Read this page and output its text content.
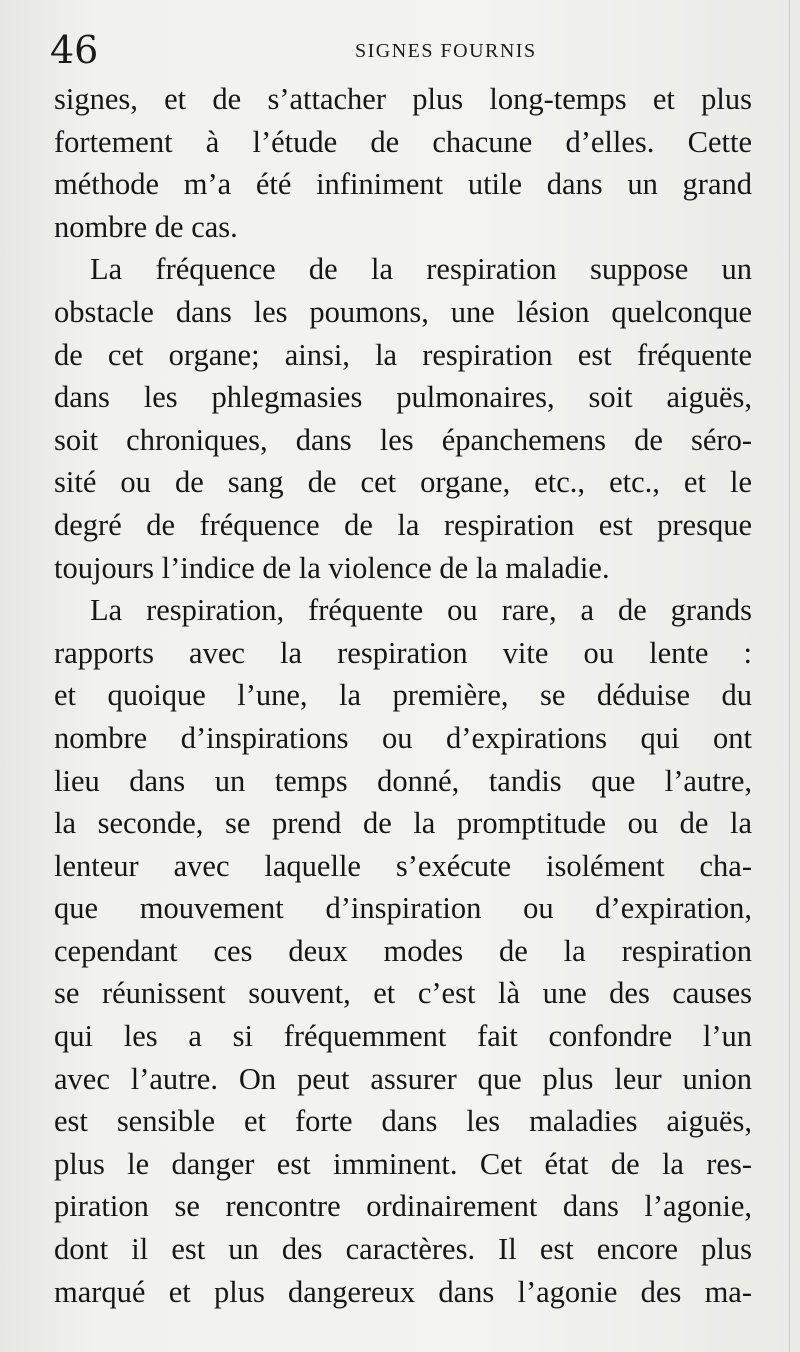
46	SIGNES FOURNIS
signes, et de s’attacher plus long-temps et plus
fortement à l’étude de chacune d’elles. Cette
méthode m’a été infiniment utile dans un grand
nombre de cas.
La fréquence de la respiration suppose un
obstacle dans les poumons, une lésion quelconque
de cet organe; ainsi, la respiration est fréquente
dans les phlegmasies pulmonaires, soit aiguës,
soit chroniques, dans les épanchemens de séro-
sité ou de sang de cet organe, etc., etc., et le
degré de fréquence de la respiration est presque
toujours l’indice de la violence de la maladie.
La respiration, fréquente ou rare, a de grands
rapports avec la respiration vite ou lente :
et quoique l’une, la première, se déduise du
nombre d’inspirations ou d’expirations qui ont
lieu dans un temps donné, tandis que l’autre,
la seconde, se prend de la promptitude ou de la
lenteur avec laquelle s’exécute isolément cha-
que mouvement d’inspiration ou d’expiration,
cependant ces deux modes de la respiration
se réunissent souvent, et c’est là une des causes
qui les a si fréquemment fait confondre l’un
avec l’autre. On peut assurer que plus leur union
est sensible et forte dans les maladies aiguës,
plus le danger est imminent. Cet état de la res-
piration se rencontre ordinairement dans l’agonie,
dont il est un des caractères. Il est encore plus
marqué et plus dangereux dans l’agonie des ma-
